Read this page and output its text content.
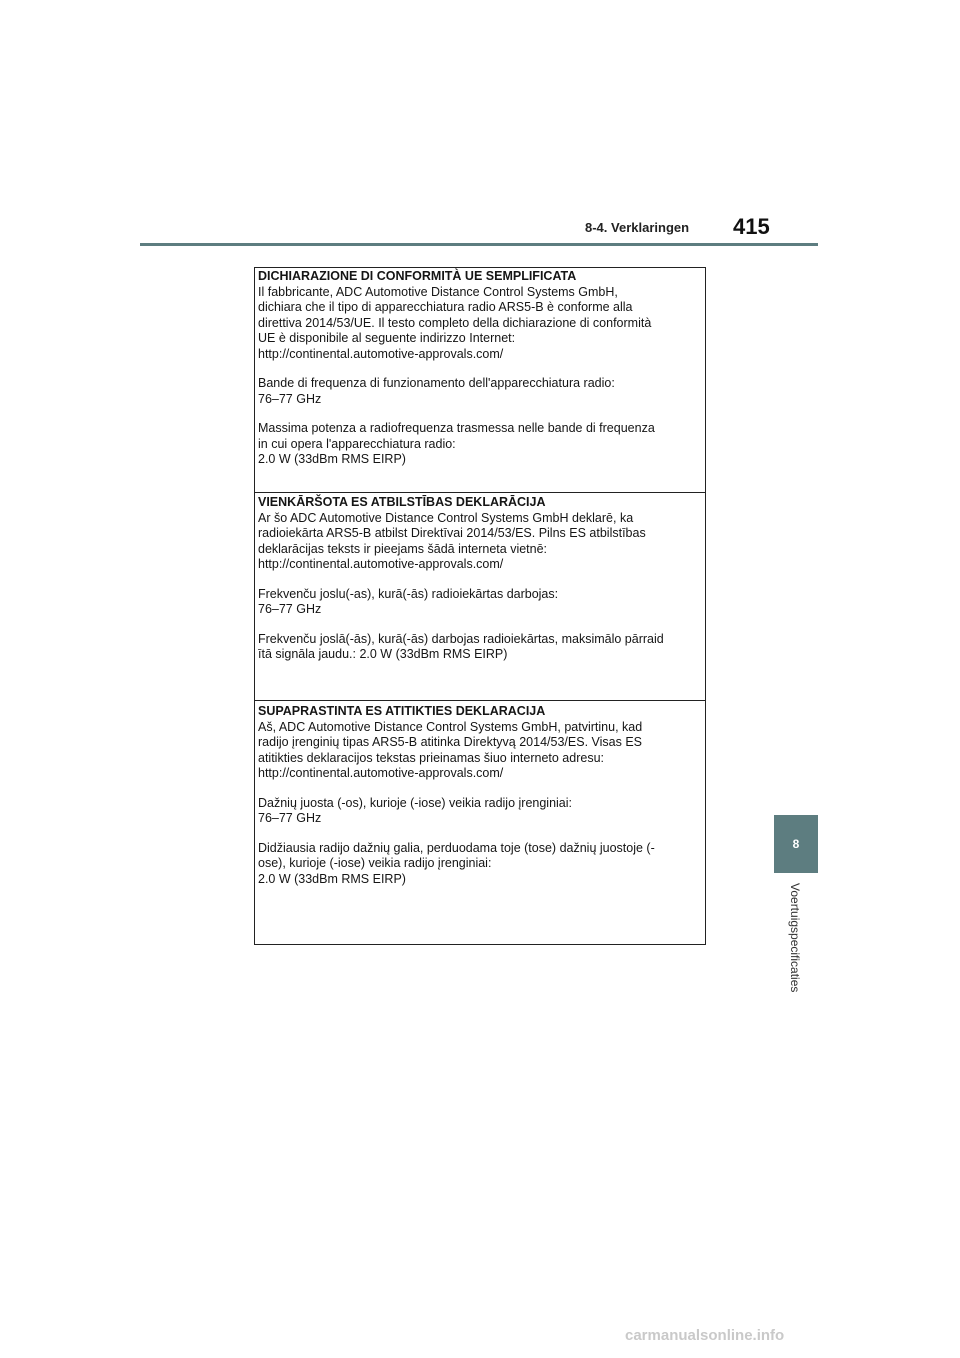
8-4. Verklaringen 415
8
Voertuigspecificaties

DICHIARAZIONE DI CONFORMITÀ UE SEMPLIFICATA

Il fabbricante, ADC Automotive Distance Control Systems GmbH,

dichiara che il tipo di apparecchiatura radio ARS5-B è conforme alla

direttiva 2014/53/UE. Il testo completo della dichiarazione di conformità

UE è disponibile al seguente indirizzo Internet:

http://continental.automotive-approvals.com/

Bande di frequenza di funzionamento dell'apparecchiatura radio:

76–77 GHz

Massima potenza a radiofrequenza trasmessa nelle bande di frequenza

in cui opera l'apparecchiatura radio:

2.0 W (33dBm RMS EIRP)

VIENKĀRŠOTA ES ATBILSTĪBAS DEKLARĀCIJA

Ar šo ADC Automotive Distance Control Systems GmbH deklarē, ka

radioiekārta ARS5-B atbilst Direktīvai 2014/53/ES. Pilns ES atbilstības

deklarācijas teksts ir pieejams šādā interneta vietnē:

http://continental.automotive-approvals.com/

Frekvenču joslu(-as), kurā(-ās) radioiekārtas darbojas:

76–77 GHz

Frekvenču joslā(-ās), kurā(-ās) darbojas radioiekārtas, maksimālo pārraid

ītā signāla jaudu.: 2.0 W (33dBm RMS EIRP)

SUPAPRASTINTA ES ATITIKTIES DEKLARACIJA

Aš, ADC Automotive Distance Control Systems GmbH, patvirtinu, kad

radijo įrenginių tipas ARS5-B atitinka Direktyvą 2014/53/ES. Visas ES

atitikties deklaracijos tekstas prieinamas šiuo interneto adresu:

http://continental.automotive-approvals.com/

Dažnių juosta (-os), kurioje (-iose) veikia radijo įrenginiai:

76–77 GHz

Didžiausia radijo dažnių galia, perduodama toje (tose) dažnių juostoje (-

ose), kurioje (-iose) veikia radijo įrenginiai:

2.0 W (33dBm RMS EIRP)

carmanualsonline.info
